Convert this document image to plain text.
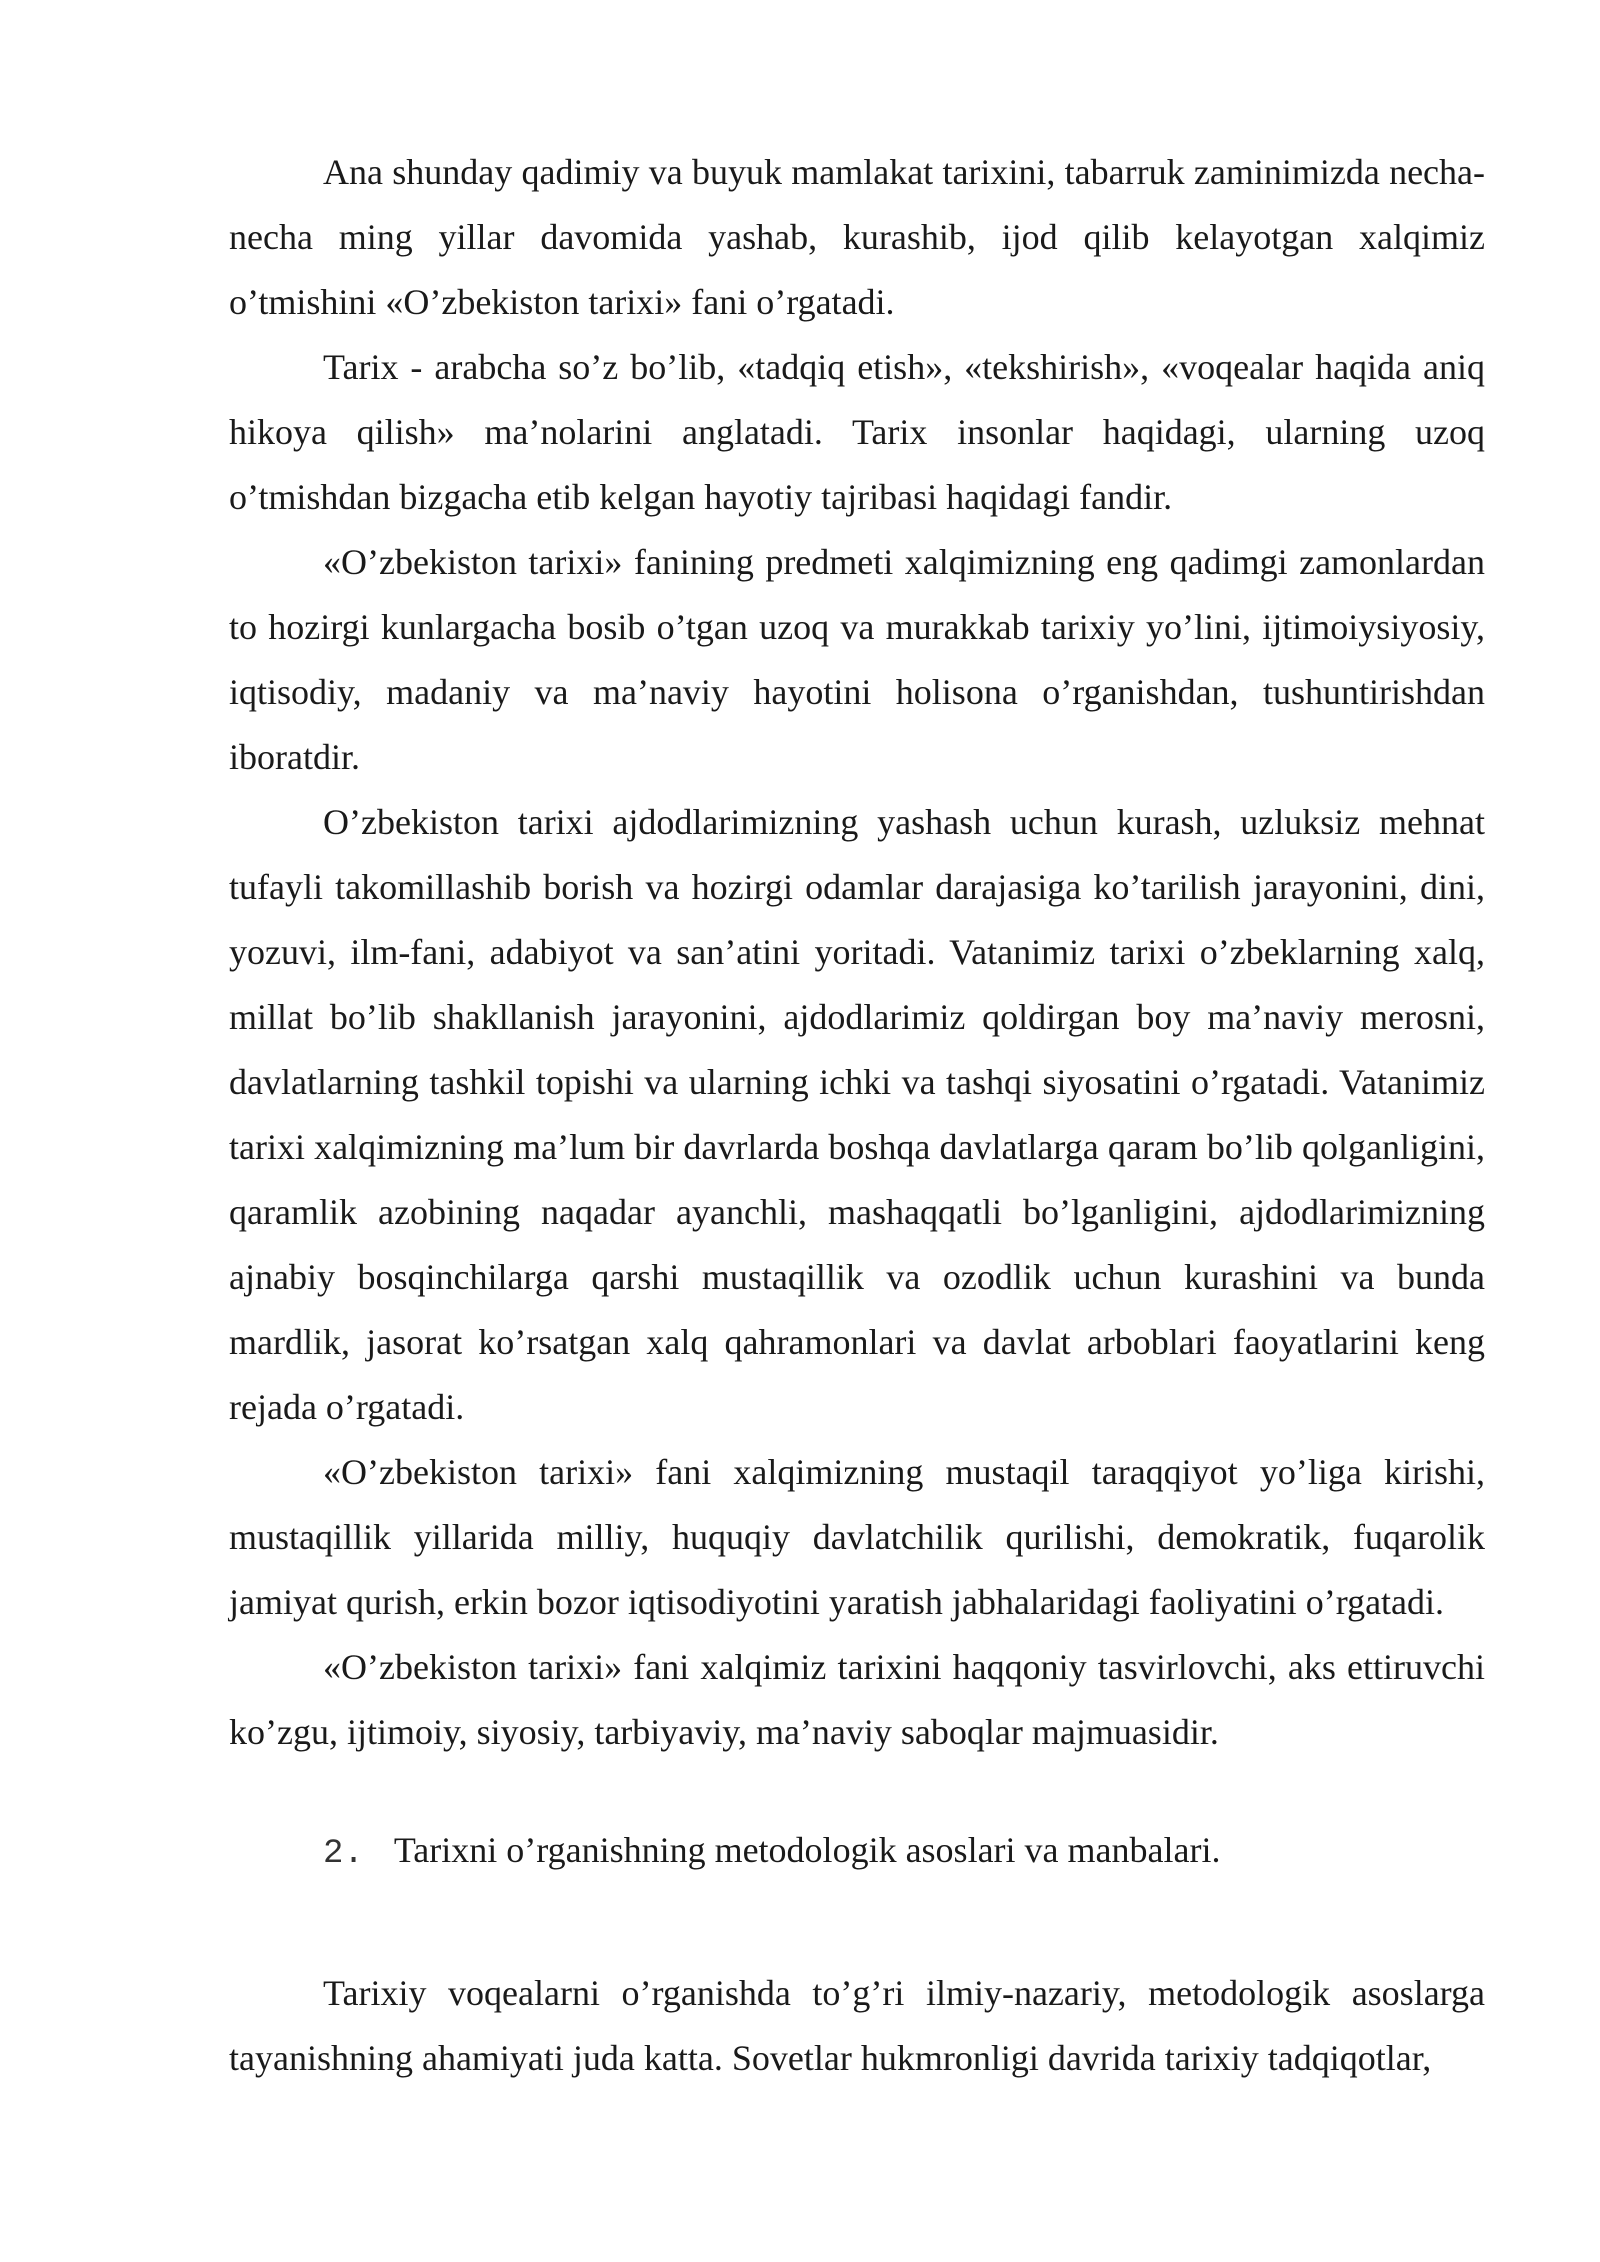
Ana shunday qadimiy va buyuk mamlakat tarixini, tabarruk zaminimizda necha-necha ming yillar davomida yashab, kurashib, ijod qilib kelayotgan xalqimiz o’tmishini «O’zbekiston tarixi» fani o’rgatadi.

Tarix - arabcha so’z bo’lib, «tadqiq etish», «tekshirish», «voqealar haqida aniq hikoya qilish» ma’nolarini anglatadi. Tarix insonlar haqidagi, ularning uzoq o’tmishdan bizgacha etib kelgan hayotiy tajribasi haqidagi fandir.

«O’zbekiston tarixi» fanining predmeti xalqimizning eng qadimgi zamonlardan to hozirgi kunlargacha bosib o’tgan uzoq va murakkab tarixiy yo’lini, ijtimoiysiyosiy, iqtisodiy, madaniy va ma’naviy hayotini holisona o’rganishdan, tushuntirishdan iboratdir.

O’zbekiston tarixi ajdodlarimizning yashash uchun kurash, uzluksiz mehnat tufayli takomillashib borish va hozirgi odamlar darajasiga ko’tarilish jarayonini, dini, yozuvi, ilm-fani, adabiyot va san’atini yoritadi. Vatanimiz tarixi o’zbeklarning xalq, millat bo’lib shakllanish jarayonini, ajdodlarimiz qoldirgan boy ma’naviy merosni, davlatlarning tashkil topishi va ularning ichki va tashqi siyosatini o’rgatadi. Vatanimiz tarixi xalqimizning ma’lum bir davrlarda boshqa davlatlarga qaram bo’lib qolganligini, qaramlik azobining naqadar ayanchli, mashaqqatli bo’lganligini, ajdodlarimizning ajnabiy bosqinchilarga qarshi mustaqillik va ozodlik uchun kurashini va bunda mardlik, jasorat ko’rsatgan xalq qahramonlari va davlat arboblari faoyatlarini keng rejada o’rgatadi.

«O’zbekiston tarixi» fani xalqimizning mustaqil taraqqiyot yo’liga kirishi, mustaqillik yillarida milliy, huquqiy davlatchilik qurilishi, demokratik, fuqarolik jamiyat qurish, erkin bozor iqtisodiyotini yaratish jabhalaridagi faoliyatini o’rgatadi.

«O’zbekiston tarixi» fani xalqimiz tarixini haqqoniy tasvirlovchi, aks ettiruvchi ko’zgu, ijtimoiy, siyosiy, tarbiyaviy, ma’naviy saboqlar majmuasidir.

2. Tarixni o’rganishning metodologik asoslari va manbalari.

Tarixiy voqealarni o’rganishda to’g’ri ilmiy-nazariy, metodologik asoslarga tayanishning ahamiyati juda katta. Sovetlar hukmronligi davrida tarixiy tadqiqotlar,
